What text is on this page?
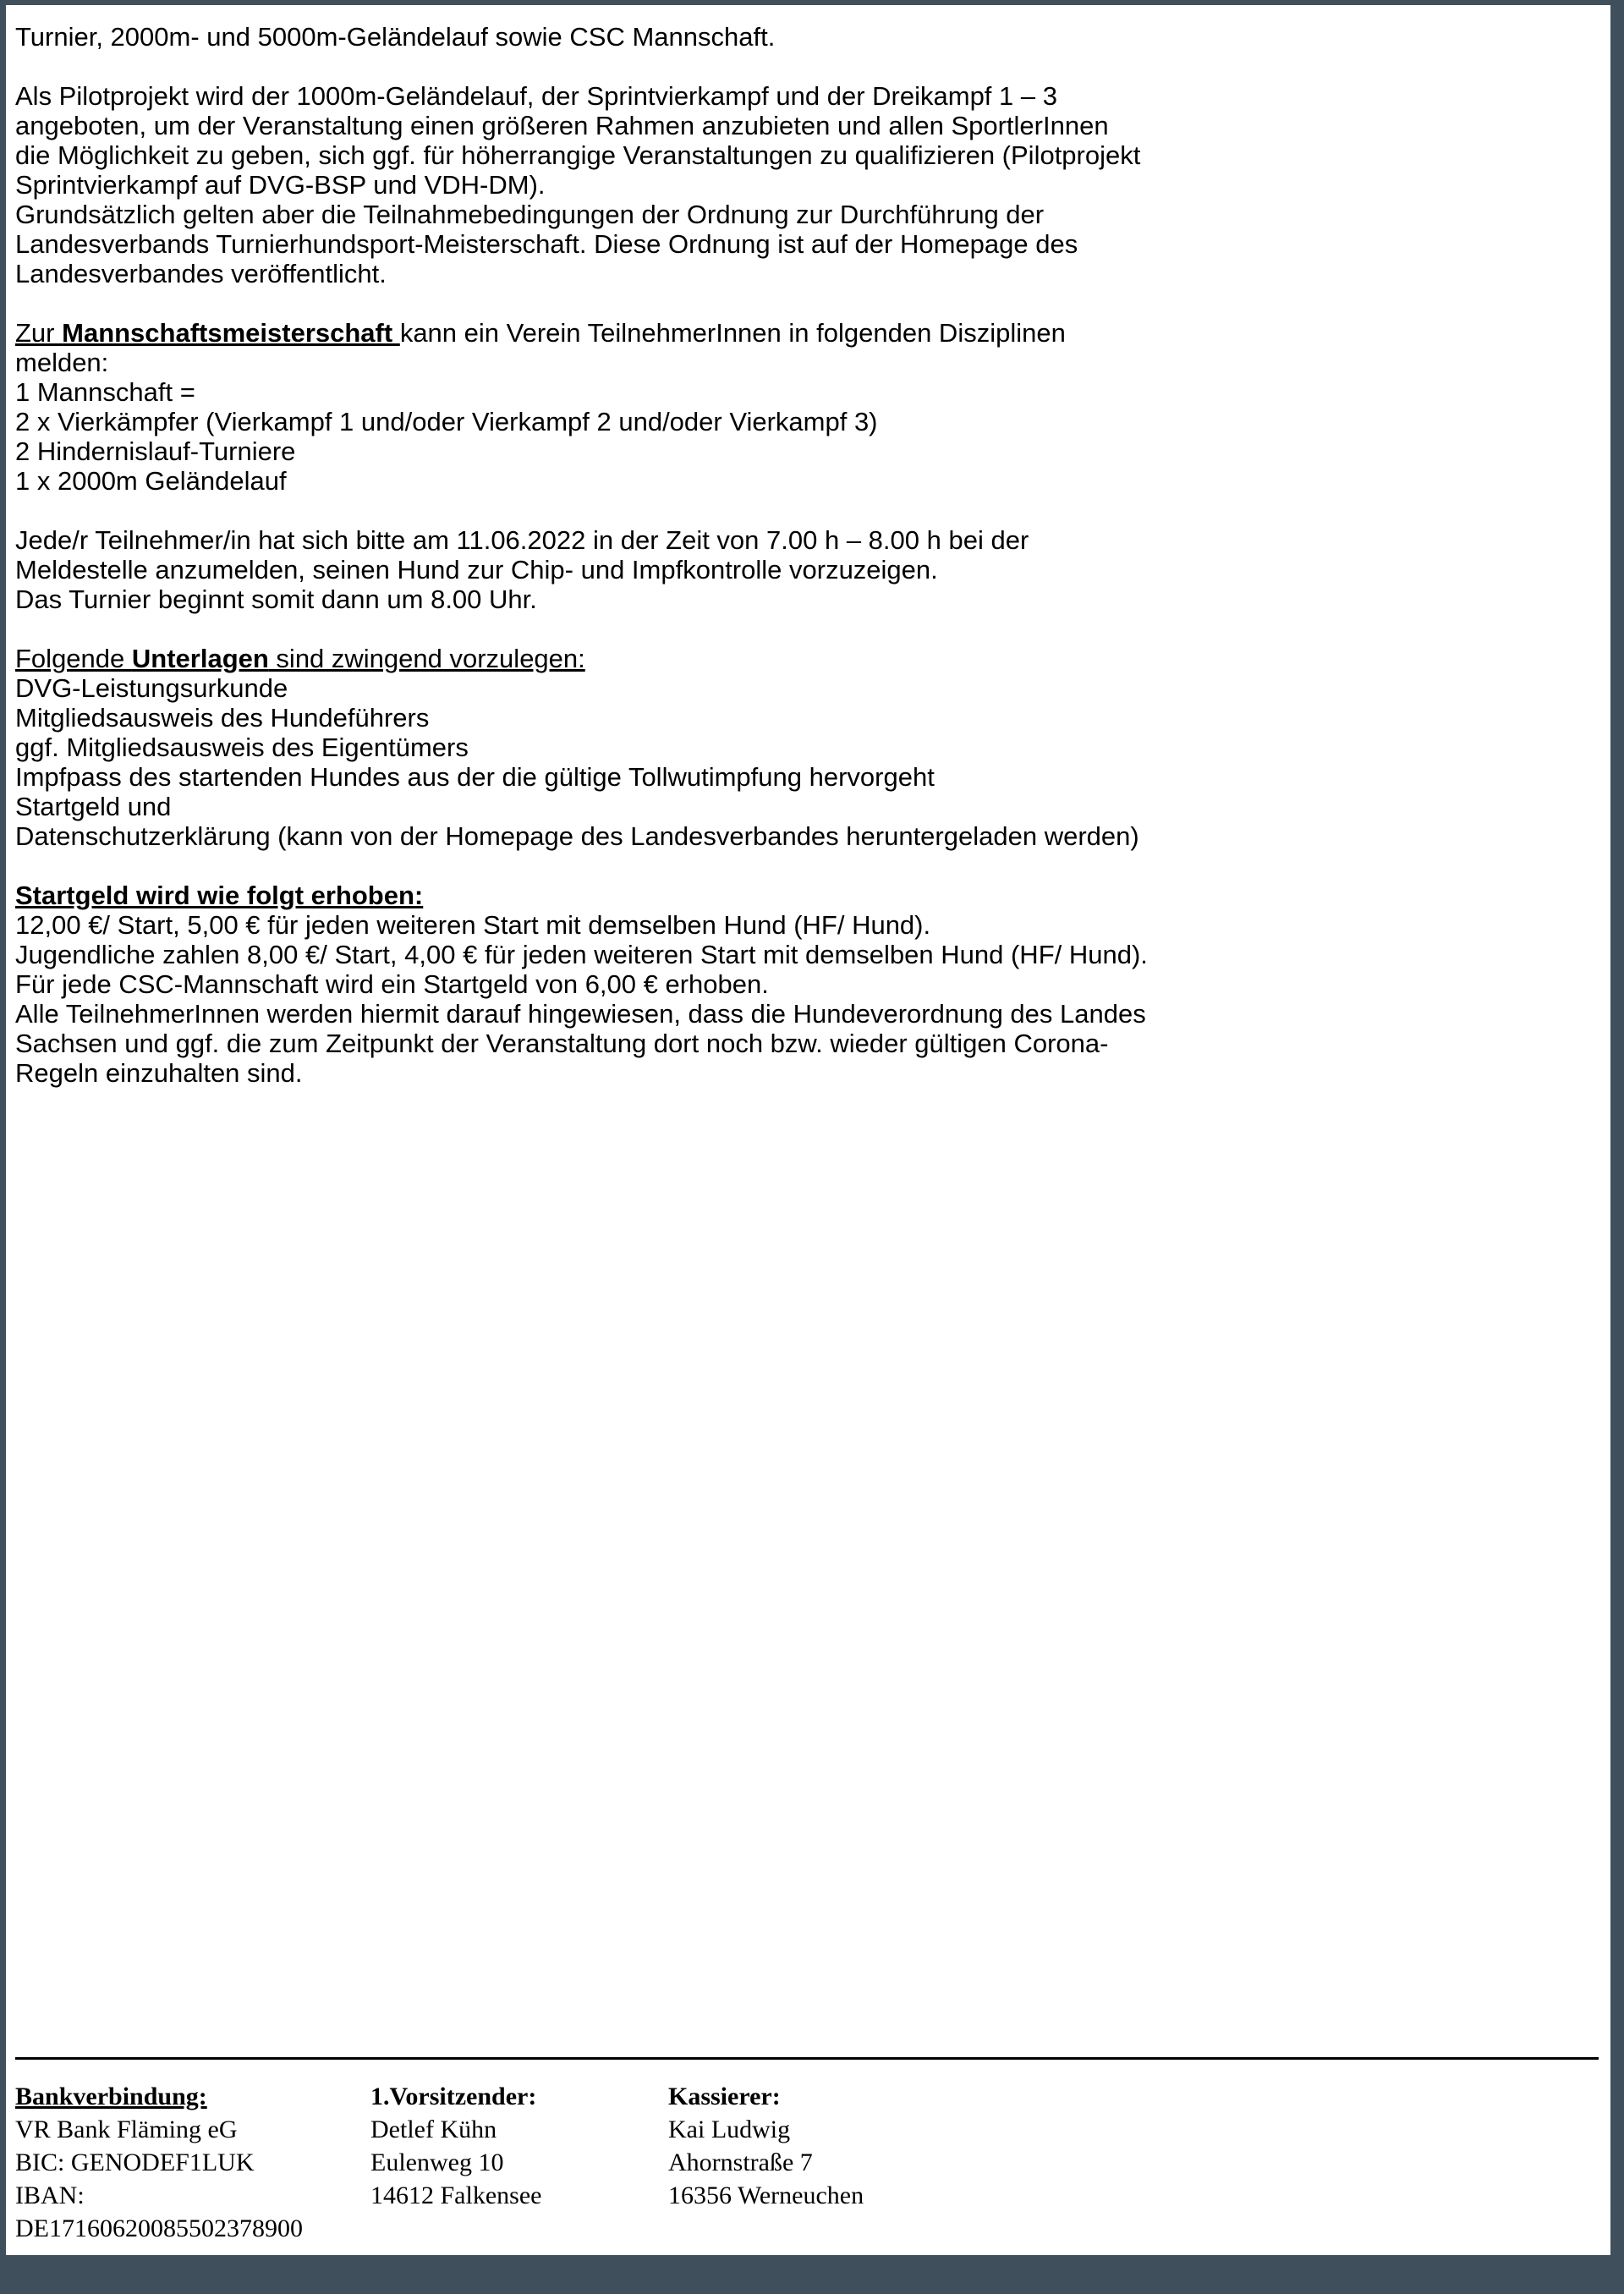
Turnier, 2000m- und 5000m-Geländelauf sowie CSC Mannschaft.

Als Pilotprojekt wird der 1000m-Geländelauf, der Sprintvierkampf und der Dreikampf 1 – 3
angeboten, um der Veranstaltung einen größeren Rahmen anzubieten und allen SportlerInnen
die Möglichkeit zu geben, sich ggf. für höherrangige Veranstaltungen zu qualifizieren (Pilotprojekt
Sprintvierkampf auf DVG-BSP und VDH-DM).
Grundsätzlich gelten aber die Teilnahmebedingungen der Ordnung zur Durchführung der
Landesverbands Turnierhundsport-Meisterschaft. Diese Ordnung ist auf der Homepage des
Landesverbandes veröffentlicht.

Zur Mannschaftsmeisterschaft kann ein Verein TeilnehmerInnen in folgenden Disziplinen
melden:
1 Mannschaft =
2 x Vierkämpfer (Vierkampf 1 und/oder Vierkampf 2 und/oder Vierkampf 3)
2 Hindernislauf-Turniere
1 x 2000m Geländelauf

Jede/r Teilnehmer/in hat sich bitte am 11.06.2022 in der Zeit von 7.00 h – 8.00 h bei der
Meldestelle anzumelden, seinen Hund zur Chip- und Impfkontrolle vorzuzeigen.
Das Turnier beginnt somit dann um 8.00 Uhr.

Folgende Unterlagen sind zwingend vorzulegen:
DVG-Leistungsurkunde
Mitgliedsausweis des Hundeführers
ggf. Mitgliedsausweis des Eigentümers
Impfpass des startenden Hundes aus der die gültige Tollwutimpfung hervorgeht
Startgeld und
Datenschutzerklärung (kann von der Homepage des Landesverbandes heruntergeladen werden)

Startgeld wird wie folgt erhoben:
12,00 €/ Start, 5,00 € für jeden weiteren Start mit demselben Hund (HF/ Hund).
Jugendliche zahlen 8,00 €/ Start, 4,00 € für jeden weiteren Start mit demselben Hund (HF/ Hund).
Für jede CSC-Mannschaft wird ein Startgeld von 6,00 € erhoben.
Alle TeilnehmerInnen werden hiermit darauf hingewiesen, dass die Hundeverordnung des Landes
Sachsen und ggf. die zum Zeitpunkt der Veranstaltung dort noch bzw. wieder gültigen Corona-
Regeln einzuhalten sind.
Bankverbindung:
VR Bank Fläming eG
BIC: GENODEF1LUK
IBAN: DE17160620085502378900
1.Vorsitzender:
Detlef Kühn
Eulenweg 10
14612 Falkensee
Kassierer:
Kai Ludwig
Ahornstraße 7
16356 Werneuchen
